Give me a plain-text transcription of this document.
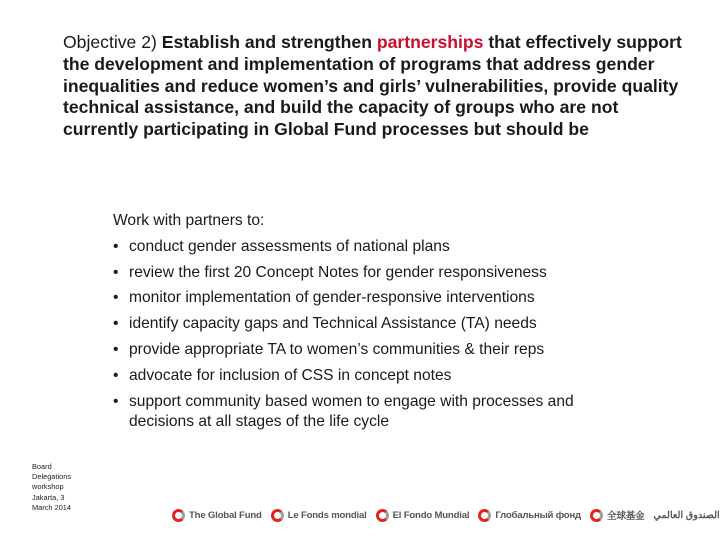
Objective 2) Establish and strengthen partnerships that effectively support the development and implementation of programs that address gender inequalities and reduce women’s and girls’ vulnerabilities, provide quality technical assistance, and build the capacity of groups who are not currently participating in Global Fund processes but should be
Work with partners to:
• conduct gender assessments of national plans
• review the first 20 Concept Notes for gender responsiveness
• monitor implementation of gender-responsive interventions
• identify capacity gaps and Technical Assistance (TA) needs
• provide appropriate TA to women’s communities & their reps
• advocate for inclusion of CSS in concept notes
• support community based women to engage with processes and
decisions at all stages of the life cycle
Board
Delegations
workshop
Jakarta, 3
March 2014
The Global Fund	Le Fonds mondial	El Fondo Mundial	Глобальный фонд	全球基金 الصندوق العالمي
